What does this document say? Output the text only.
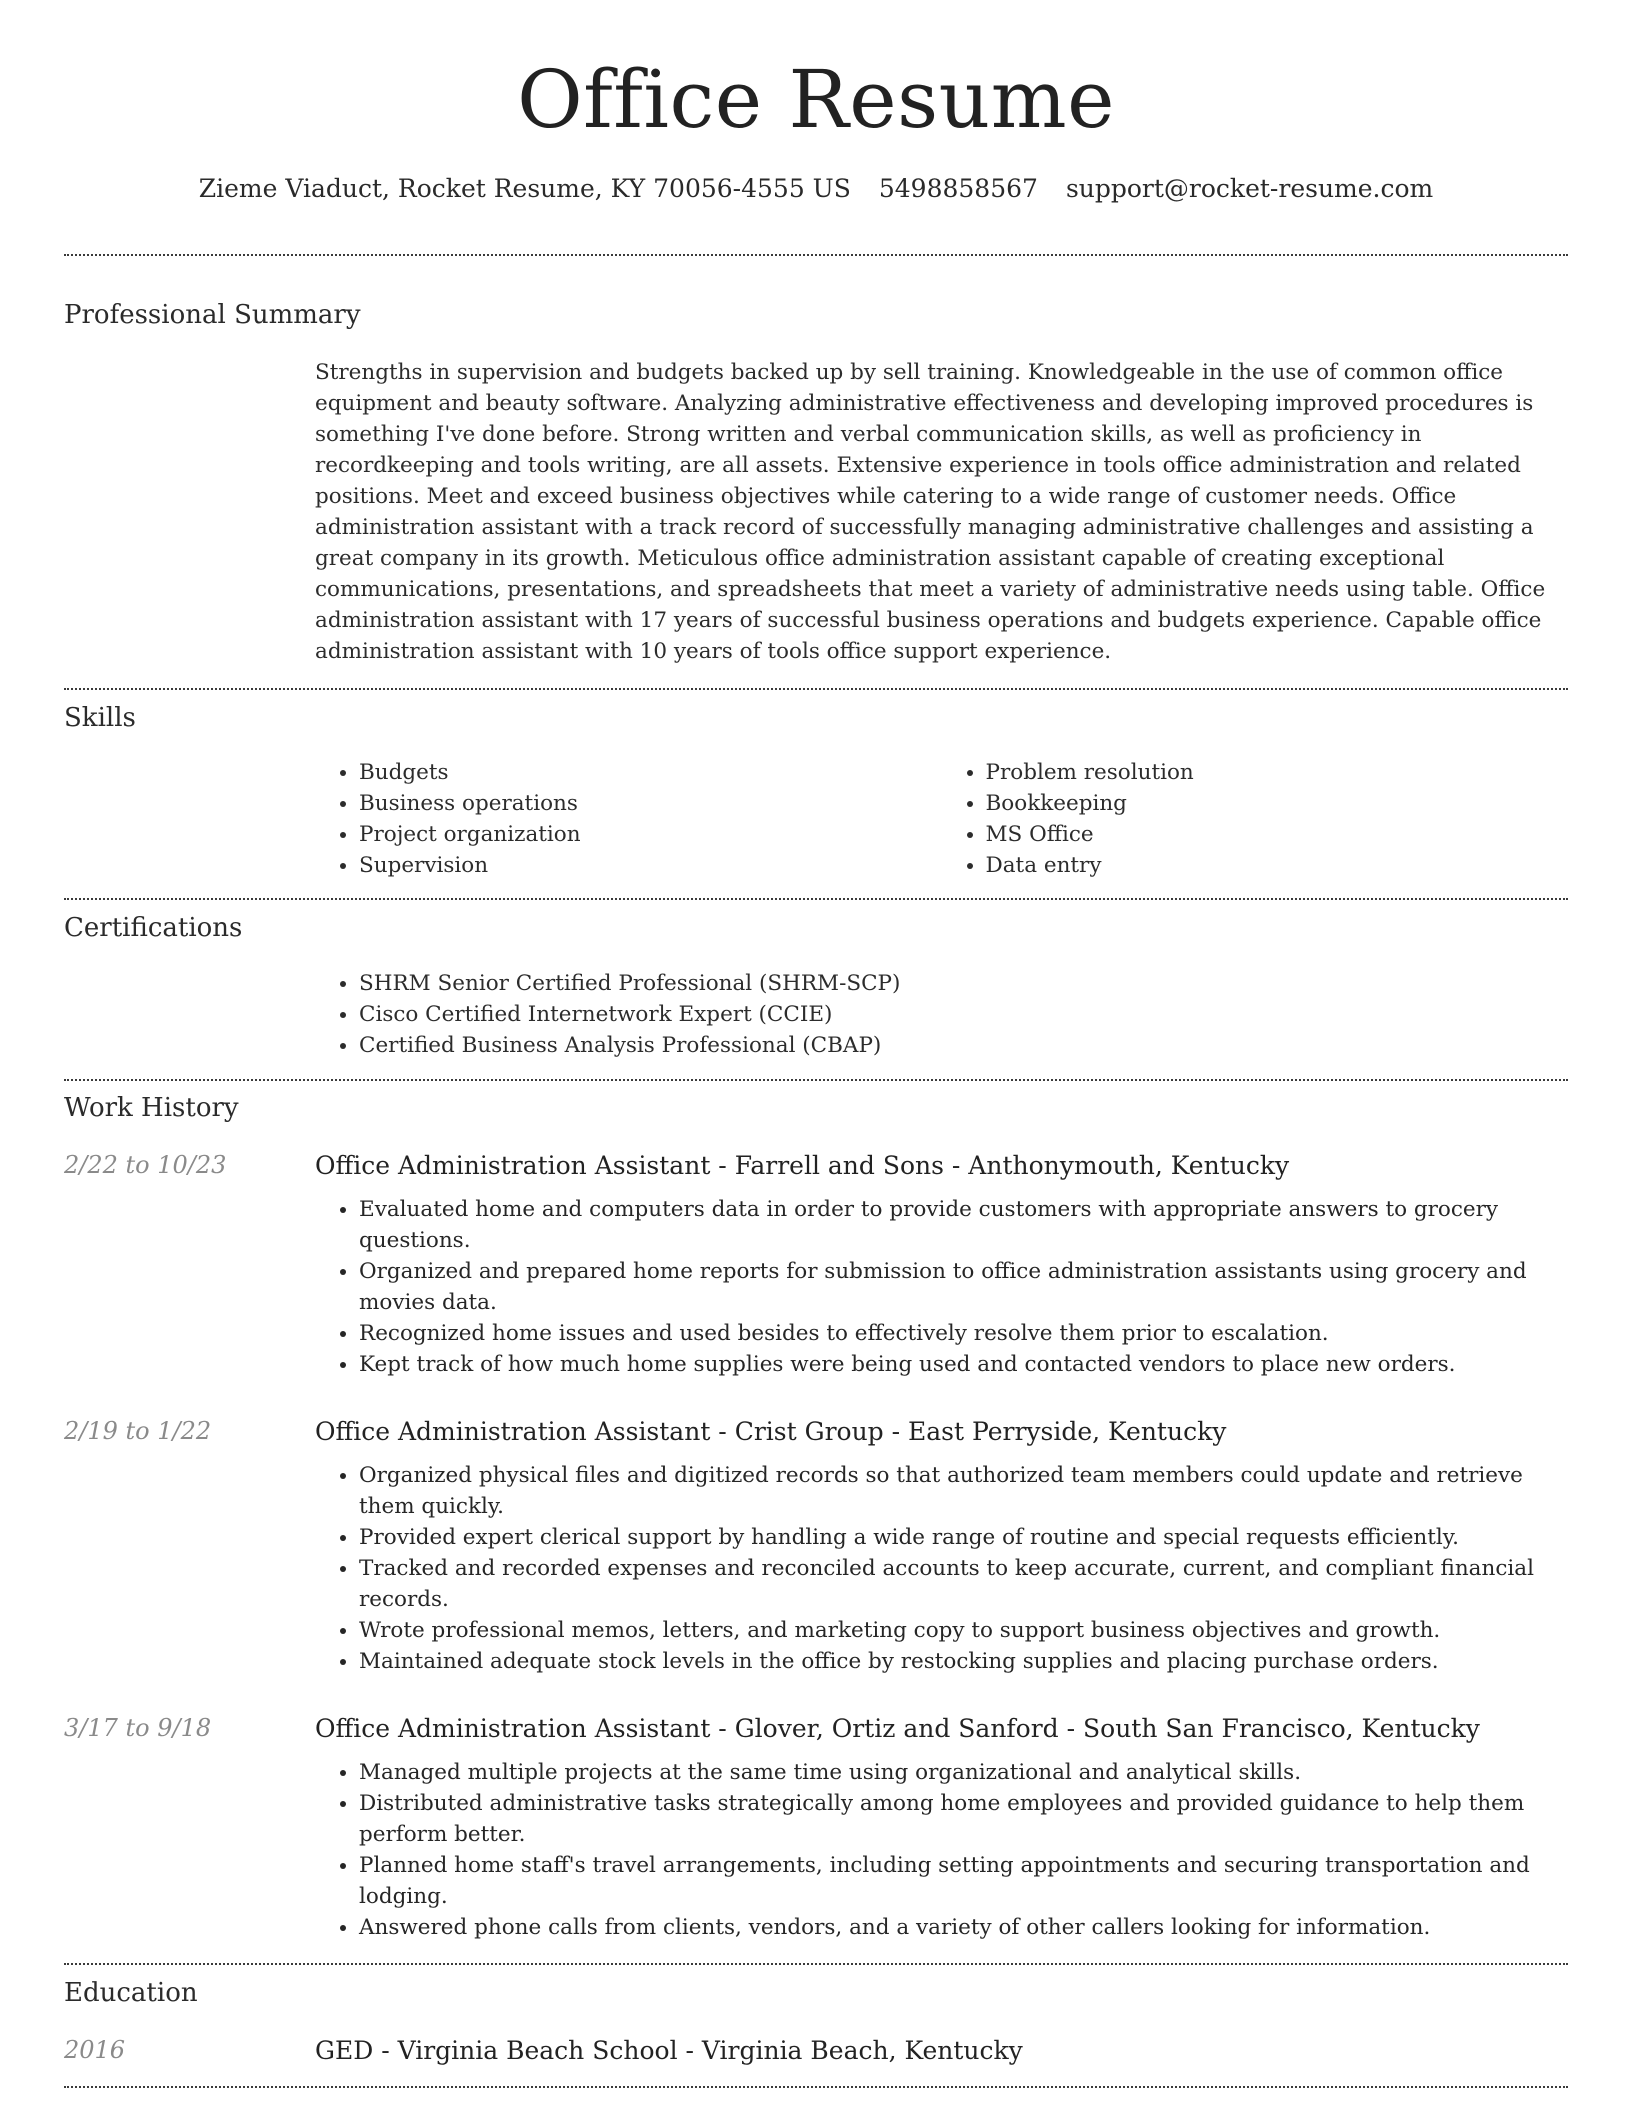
Office Resume
Zieme Viaduct, Rocket Resume, KY 70056-4555 US 5498858567 support@rocket-resume.com
Professional Summary

Strengths in supervision and budgets backed up by sell training. Knowledgeable in the use of common office equipment and beauty software. Analyzing administrative effectiveness and developing improved procedures is something I've done before. Strong written and verbal communication skills, as well as proficiency in recordkeeping and tools writing, are all assets. Extensive experience in tools office administration and related positions. Meet and exceed business objectives while catering to a wide range of customer needs. Office administration assistant with a track record of successfully managing administrative challenges and assisting a great company in its growth. Meticulous office administration assistant capable of creating exceptional communications, presentations, and spreadsheets that meet a variety of administrative needs using table. Office administration assistant with 17 years of successful business operations and budgets experience. Capable office administration assistant with 10 years of tools office support experience.

Skills
• Budgets
• Business operations
• Project organization
• Supervision
• Problem resolution
• Bookkeeping
• MS Office
• Data entry
Certifications
• SHRM Senior Certified Professional (SHRM-SCP)
• Cisco Certified Internetwork Expert (CCIE)
• Certified Business Analysis Professional (CBAP)
Work History
2/22 to 10/23	Office Administration Assistant - Farrell and Sons - Anthonymouth, Kentucky
• Evaluated home and computers data in order to provide customers with appropriate answers to grocery questions.
• Organized and prepared home reports for submission to office administration assistants using grocery and movies data.
• Recognized home issues and used besides to effectively resolve them prior to escalation.
• Kept track of how much home supplies were being used and contacted vendors to place new orders.
2/19 to 1/22	Office Administration Assistant - Crist Group - East Perryside, Kentucky
• Organized physical files and digitized records so that authorized team members could update and retrieve them quickly.
• Provided expert clerical support by handling a wide range of routine and special requests efficiently.
• Tracked and recorded expenses and reconciled accounts to keep accurate, current, and compliant financial records.
• Wrote professional memos, letters, and marketing copy to support business objectives and growth.
• Maintained adequate stock levels in the office by restocking supplies and placing purchase orders.
3/17 to 9/18	Office Administration Assistant - Glover, Ortiz and Sanford - South San Francisco, Kentucky
• Managed multiple projects at the same time using organizational and analytical skills.
• Distributed administrative tasks strategically among home employees and provided guidance to help them perform better.
• Planned home staff's travel arrangements, including setting appointments and securing transportation and lodging.
• Answered phone calls from clients, vendors, and a variety of other callers looking for information.
Education
2016	GED - Virginia Beach School - Virginia Beach, Kentucky
